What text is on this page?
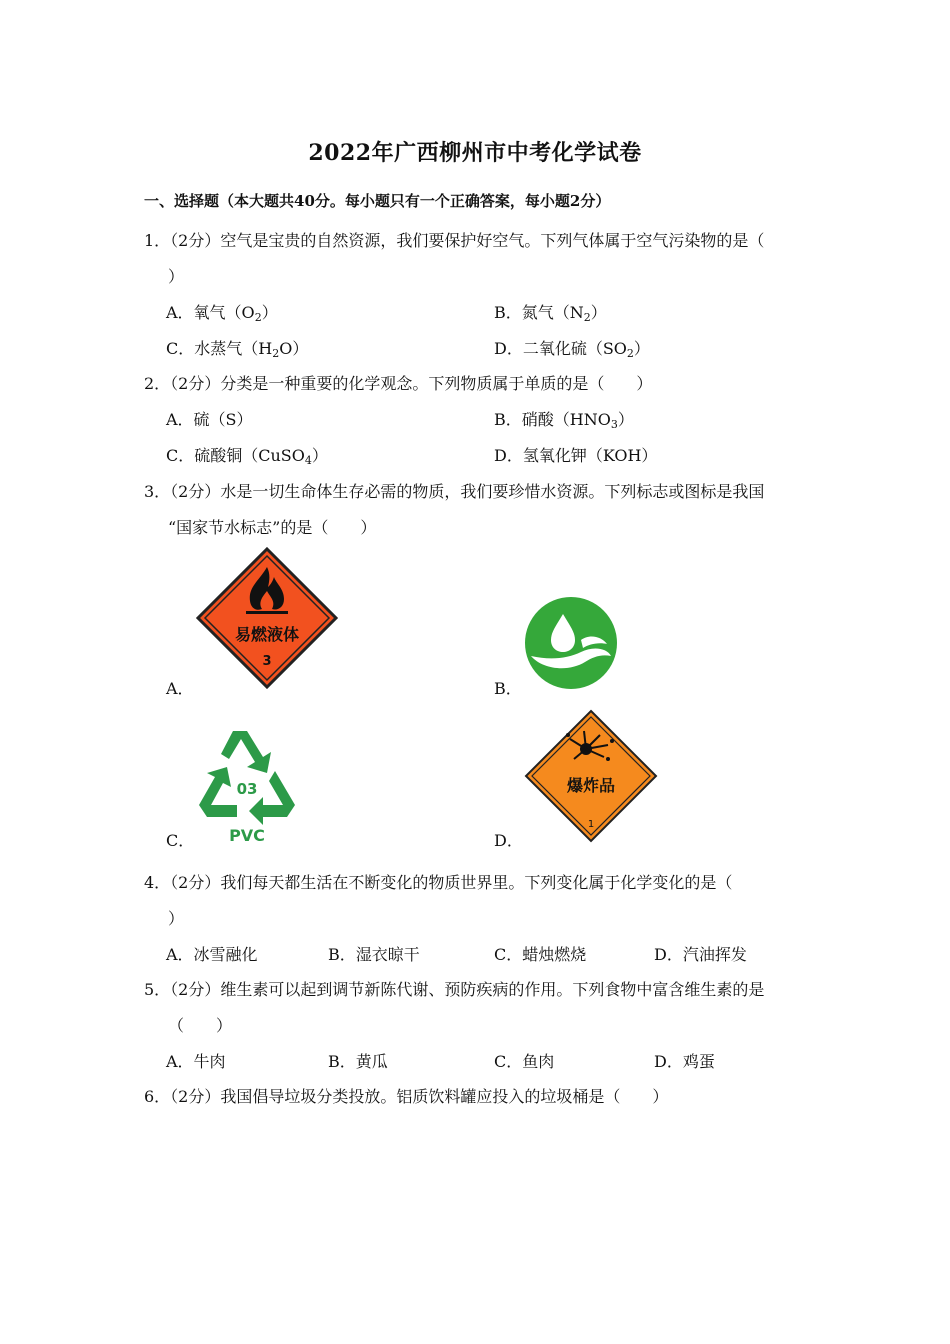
2022年广西柳州市中考化学试卷
一、选择题（本大题共40分。每小题只有一个正确答案，每小题2分）
1．（2分）空气是宝贵的自然资源，我们要保护好空气。下列气体属于空气污染物的是（
）
A．氧气$(O_2)$	B．氮气$(N_2)$
C．水蒸气$(H_2O)$	D．二氧化硫$(SO_2)$
2．（2分）分类是一种重要的化学观念。下列物质属于单质的是（　　）
A．硫（S）	B．硝酸$(HNO_3)$
C．硫酸铜（CuSO$_4$）	D．氢氧化钾（KOH）
3．（2分）水是一切生命体生存必需的物质，我们要珍惜水资源。下列标志或图标是我国
“国家节水标志”的是（　　）
A．
易燃液体
3
B．
C．
03
PVC	D．
爆炸品
1
4．（2分）我们每天都生活在不断变化的物质世界里。下列变化属于化学变化的是（
）
A．冰雪融化	B．湿衣晾干	C．蜡烛燃烧	D．汽油挥发
5．（2分）维生素可以起到调节新陈代谢、预防疾病的作用。下列食物中富含维生素的是
（　　）
A．牛肉	B．黄瓜	C．鱼肉	D．鸡蛋
6．（2分）我国倡导垃圾分类投放。铝质饮料罐应投入的垃圾桶是（　　）
